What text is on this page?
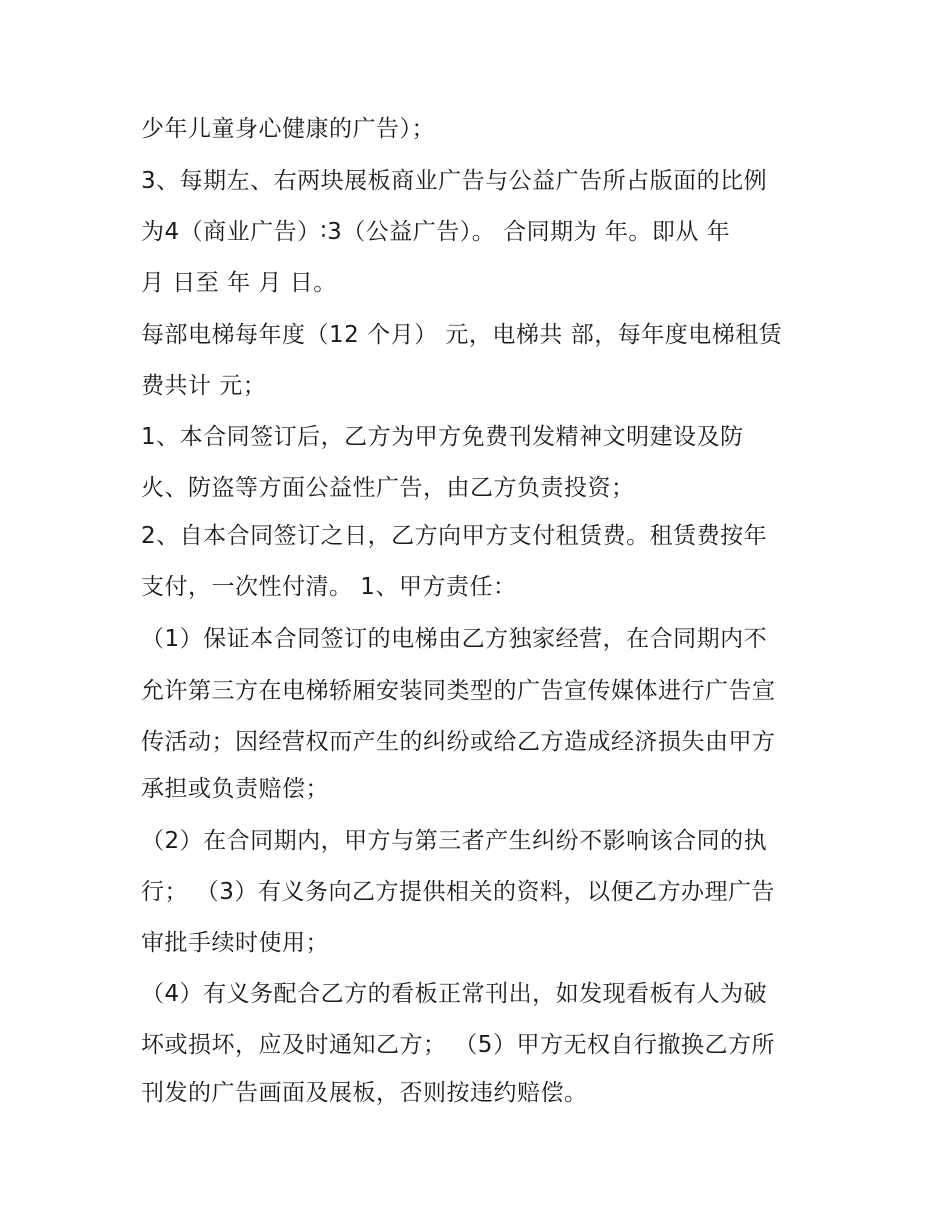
少年儿童身心健康的广告）；
3、每期左、右两块展板商业广告与公益广告所占版面的比例
为4（商业广告）∶3（公益广告）。 合同期为 年。即从 年
月 日至 年 月 日。
每部电梯每年度（12 个月） 元，电梯共 部，每年度电梯租赁
费共计 元；
1、本合同签订后，乙方为甲方免费刊发精神文明建设及防
火、防盗等方面公益性广告，由乙方负责投资；
2、自本合同签订之日，乙方向甲方支付租赁费。租赁费按年
支付，一次性付清。 1、甲方责任：
（1）保证本合同签订的电梯由乙方独家经营，在合同期内不
允许第三方在电梯轿厢安装同类型的广告宣传媒体进行广告宣
传活动；因经营权而产生的纠纷或给乙方造成经济损失由甲方
承担或负责赔偿；
（2）在合同期内，甲方与第三者产生纠纷不影响该合同的执
行； （3）有义务向乙方提供相关的资料，以便乙方办理广告
审批手续时使用；
（4）有义务配合乙方的看板正常刊出，如发现看板有人为破
坏或损坏，应及时通知乙方； （5）甲方无权自行撤换乙方所
刊发的广告画面及展板，否则按违约赔偿。
